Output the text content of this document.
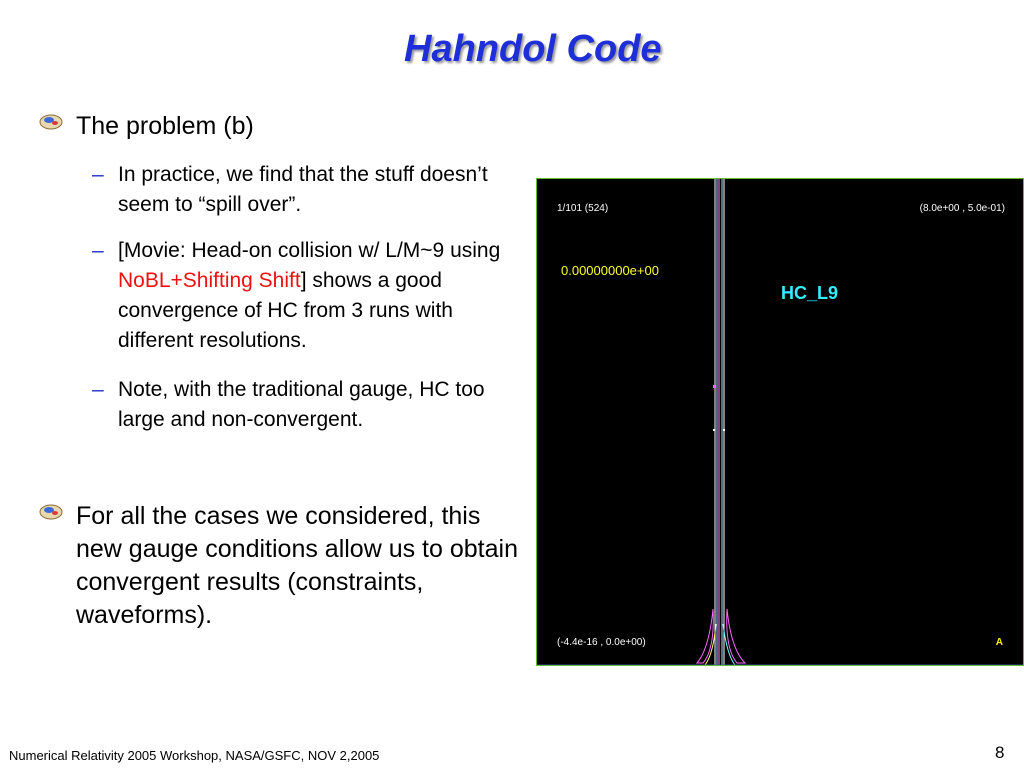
Hahndol Code
The problem (b)
– In practice, we find that the stuff doesn’t seem to “spill over”.
– [Movie: Head-on collision w/ L/M~9 using NoBL+Shifting Shift] shows a good convergence of HC from 3 runs with different resolutions.
– Note, with the traditional gauge, HC too large and non-convergent.
For all the cases we considered, this new gauge conditions allow us to obtain convergent results (constraints, waveforms).
1/101 (524)	(8.0e+00 , 5.0e-01)
0.00000000e+00
HC_L9
(-4.4e-16 , 0.0e+00)	A
Numerical Relativity 2005 Workshop, NASA/GSFC, NOV 2,2005	8
